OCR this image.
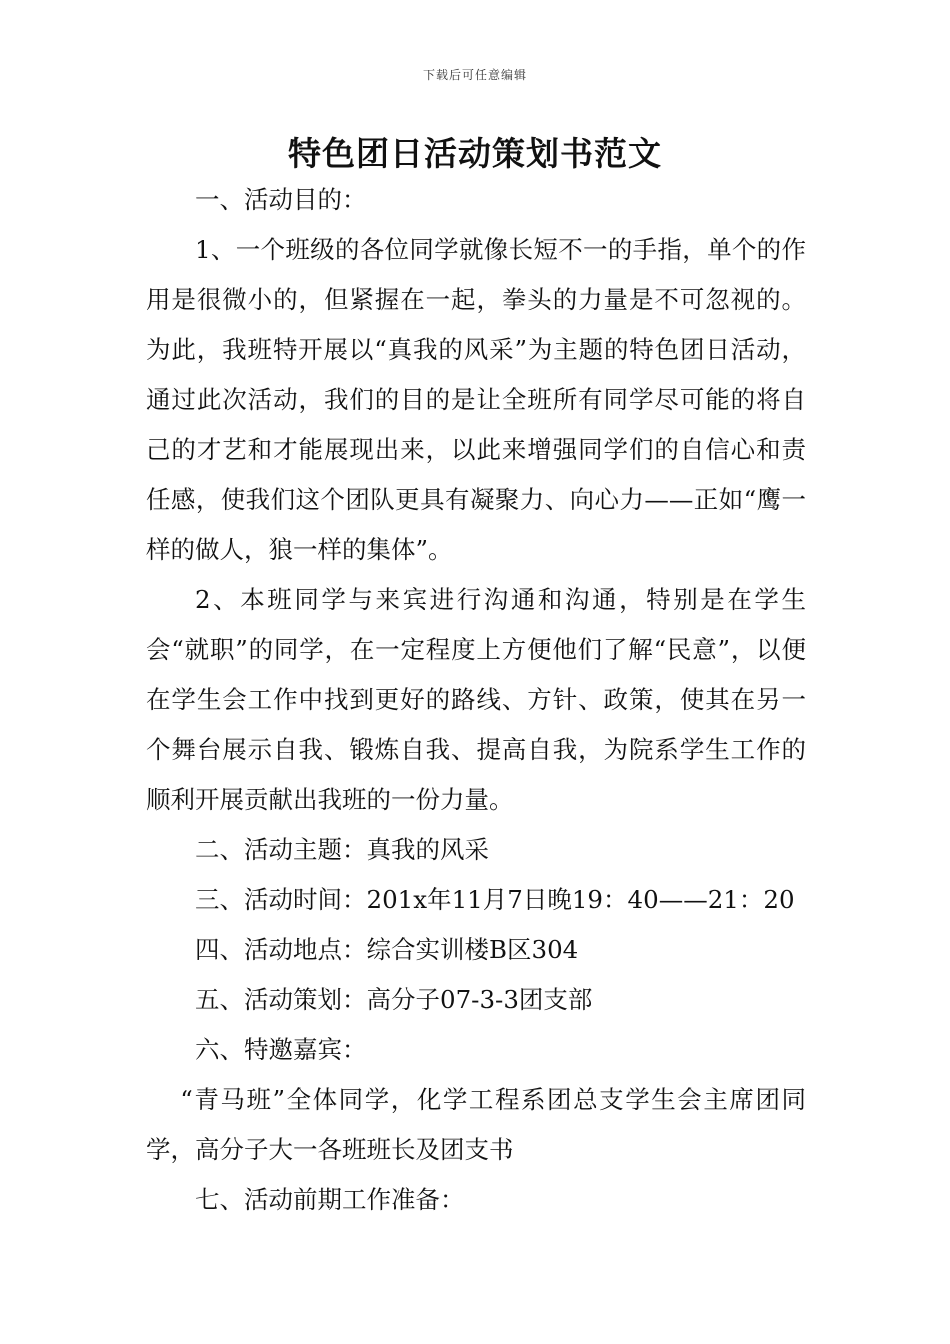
下载后可任意编辑
特色团日活动策划书范文

一、活动目的：

1、一个班级的各位同学就像长短不一的手指，单个的作用是很微小的，但紧握在一起，拳头的力量是不可忽视的。为此，我班特开展以“真我的风采”为主题的特色团日活动，通过此次活动，我们的目的是让全班所有同学尽可能的将自己的才艺和才能展现出来，以此来增强同学们的自信心和责任感，使我们这个团队更具有凝聚力、向心力——正如“鹰一样的做人，狼一样的集体”。

2、本班同学与来宾进行沟通和沟通，特别是在学生会“就职”的同学，在一定程度上方便他们了解“民意”，以便在学生会工作中找到更好的路线、方针、政策，使其在另一个舞台展示自我、锻炼自我、提高自我，为院系学生工作的顺利开展贡献出我班的一份力量。

二、活动主题：真我的风采

三、活动时间：201x年11月7日晚19：40——21：20

四、活动地点：综合实训楼B区304

五、活动策划：高分子07-3-3团支部

六、特邀嘉宾：

“青马班”全体同学，化学工程系团总支学生会主席团同学，高分子大一各班班长及团支书

七、活动前期工作准备：
